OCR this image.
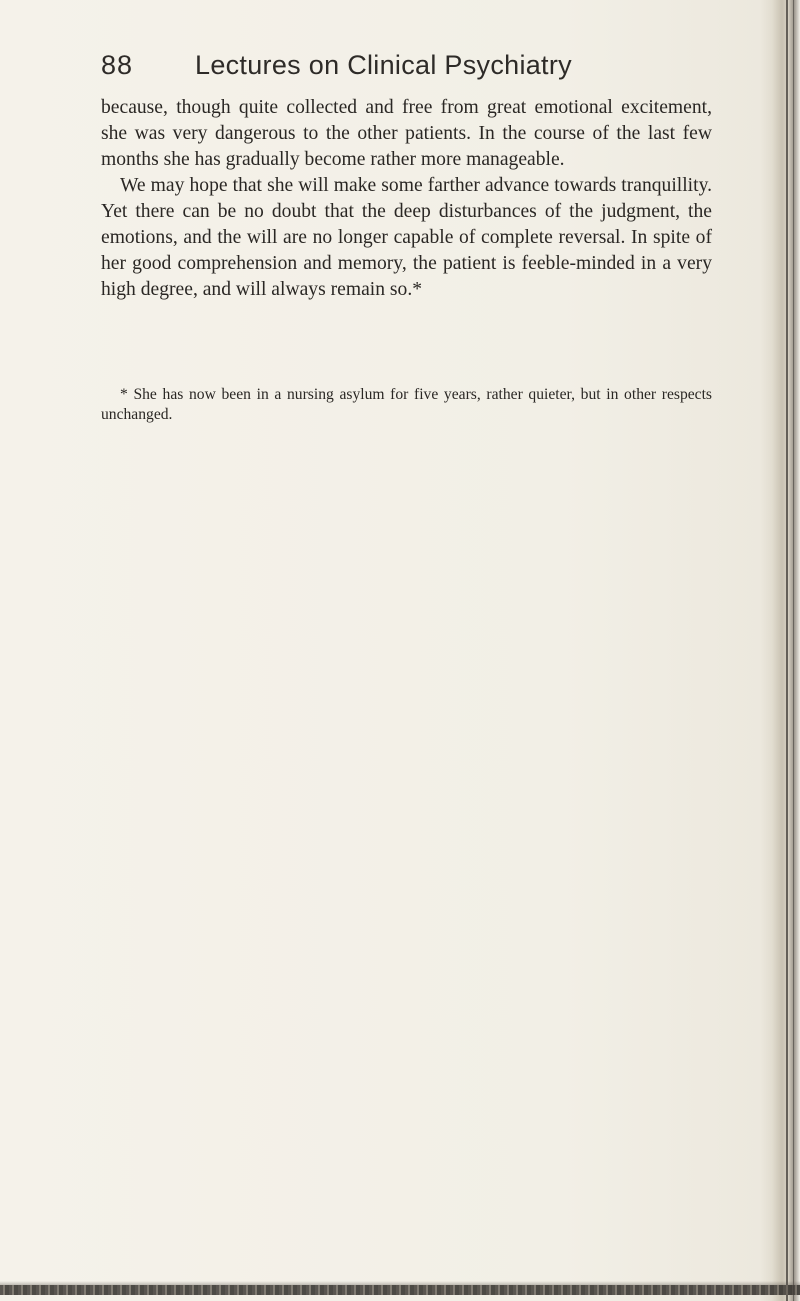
88	Lectures on Clinical Psychiatry

because, though quite collected and free from great emotional excitement, she was very dangerous to the other patients. In the course of the last few months she has gradually become rather more manageable.

We may hope that she will make some farther advance towards tranquillity. Yet there can be no doubt that the deep disturbances of the judgment, the emotions, and the will are no longer capable of complete reversal. In spite of her good comprehension and memory, the patient is feeble-minded in a very high degree, and will always remain so.*

* She has now been in a nursing asylum for five years, rather quieter, but in other respects unchanged.
